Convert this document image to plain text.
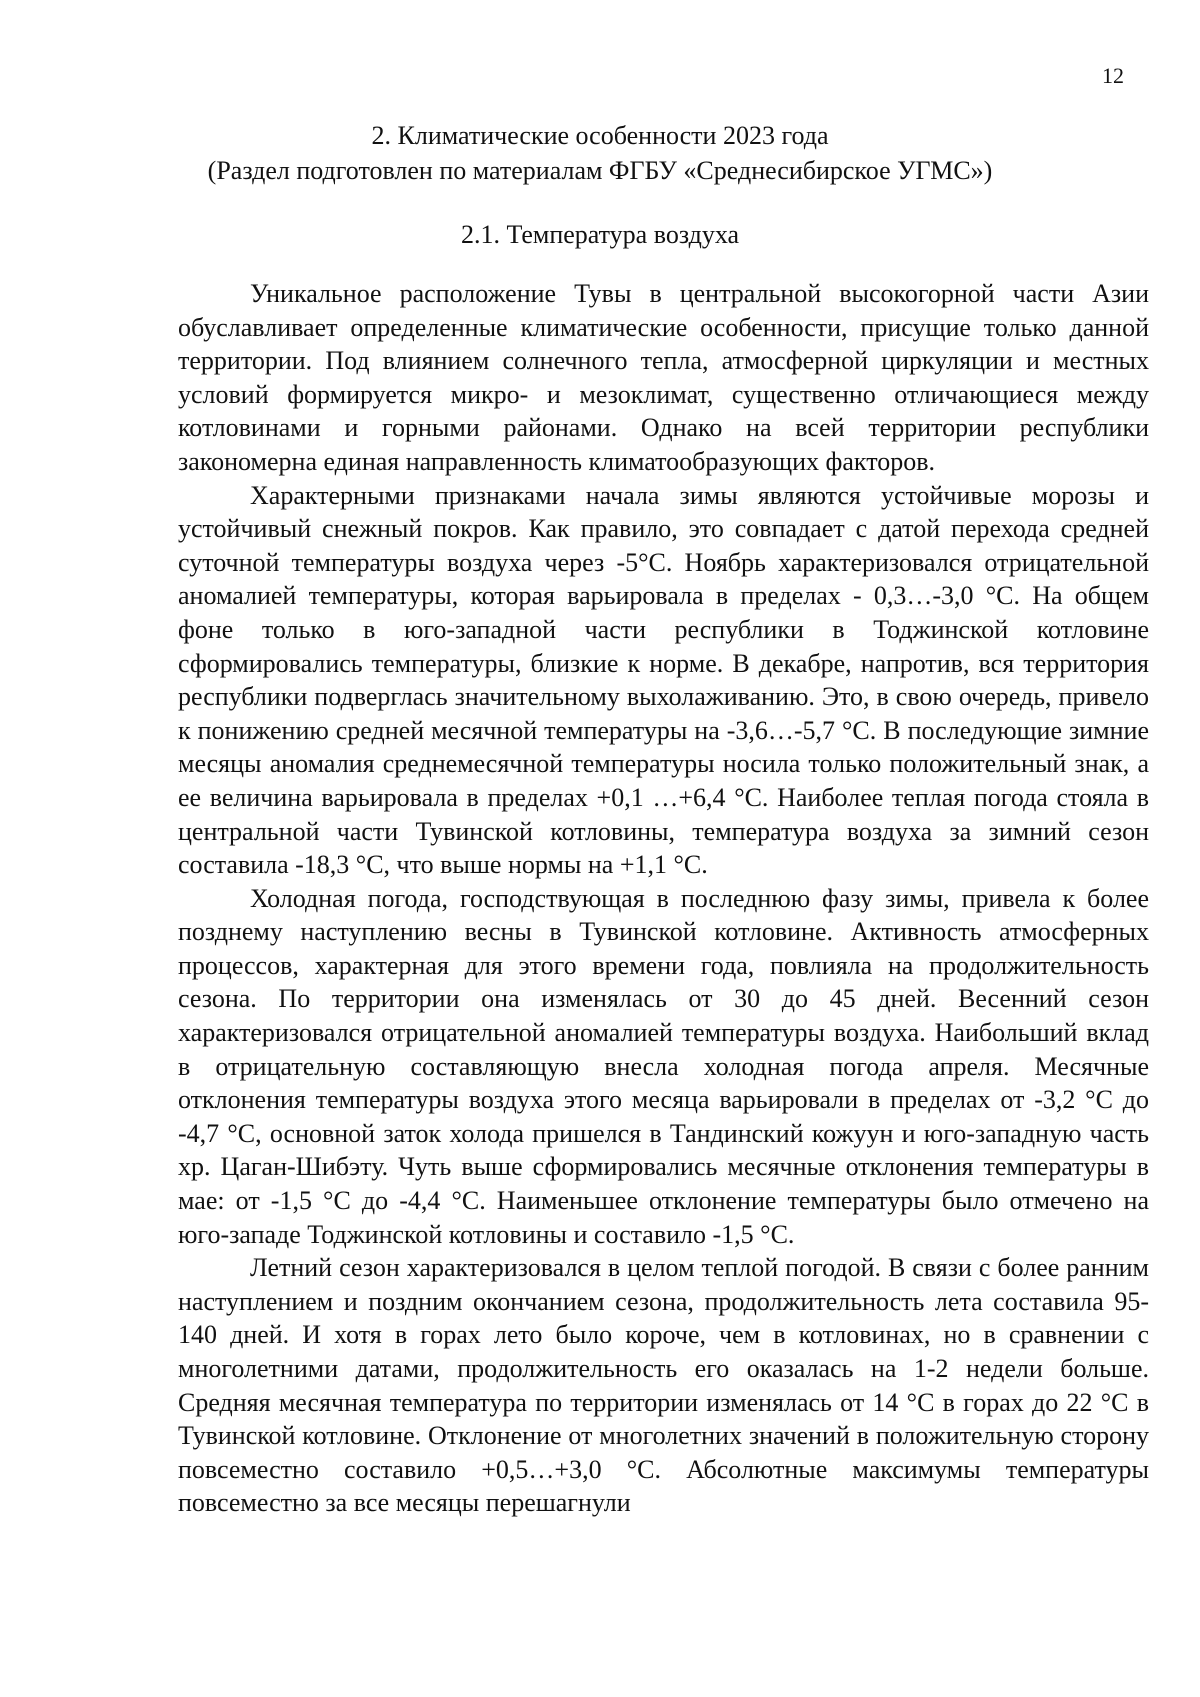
12
2. Климатические особенности 2023 года
(Раздел подготовлен по материалам ФГБУ «Среднесибирское УГМС»)
2.1. Температура воздуха

Уникальное расположение Тувы в центральной высокогорной части Азии обуславливает определенные климатические особенности, присущие только данной территории. Под влиянием солнечного тепла, атмосферной циркуляции и местных условий формируется микро- и мезоклимат, существенно отличающиеся между котловинами и горными районами. Однако на всей территории республики закономерна единая направленность климатообразующих факторов.

Характерными признаками начала зимы являются устойчивые морозы и устойчивый снежный покров. Как правило, это совпадает с датой перехода средней суточной температуры воздуха через -5°С. Ноябрь характеризовался отрицательной аномалией температуры, которая варьировала в пределах - 0,3…-3,0 °С. На общем фоне только в юго-западной части республики в Тоджинской котловине сформировались температуры, близкие к норме. В декабре, напротив, вся территория республики подверглась значительному выхолаживанию. Это, в свою очередь, привело к понижению средней месячной температуры на -3,6…-5,7 °С. В последующие зимние месяцы аномалия среднемесячной температуры носила только положительный знак, а ее величина варьировала в пределах +0,1 …+6,4 °С. Наиболее теплая погода стояла в центральной части Тувинской котловины, температура воздуха за зимний сезон составила -18,3 °С, что выше нормы на +1,1 °С.

Холодная погода, господствующая в последнюю фазу зимы, привела к более позднему наступлению весны в Тувинской котловине. Активность атмосферных процессов, характерная для этого времени года, повлияла на продолжительность сезона. По территории она изменялась от 30 до 45 дней. Весенний сезон характеризовался отрицательной аномалией температуры воздуха. Наибольший вклад в отрицательную составляющую внесла холодная погода апреля. Месячные отклонения температуры воздуха этого месяца варьировали в пределах от -3,2 °С до -4,7 °С, основной заток холода пришелся в Тандинский кожуун и юго-западную часть хр. Цаган-Шибэту. Чуть выше сформировались месячные отклонения температуры в мае: от -1,5 °С до -4,4 °С. Наименьшее отклонение температуры было отмечено на юго-западе Тоджинской котловины и составило -1,5 °С.

Летний сезон характеризовался в целом теплой погодой. В связи с более ранним наступлением и поздним окончанием сезона, продолжительность лета составила 95-140 дней. И хотя в горах лето было короче, чем в котловинах, но в сравнении с многолетними датами, продолжительность его оказалась на 1-2 недели больше. Средняя месячная температура по территории изменялась от 14 °С в горах до 22 °С в Тувинской котловине. Отклонение от многолетних значений в положительную сторону повсеместно составило +0,5…+3,0 °С. Абсолютные максимумы температуры повсеместно за все месяцы перешагнули
